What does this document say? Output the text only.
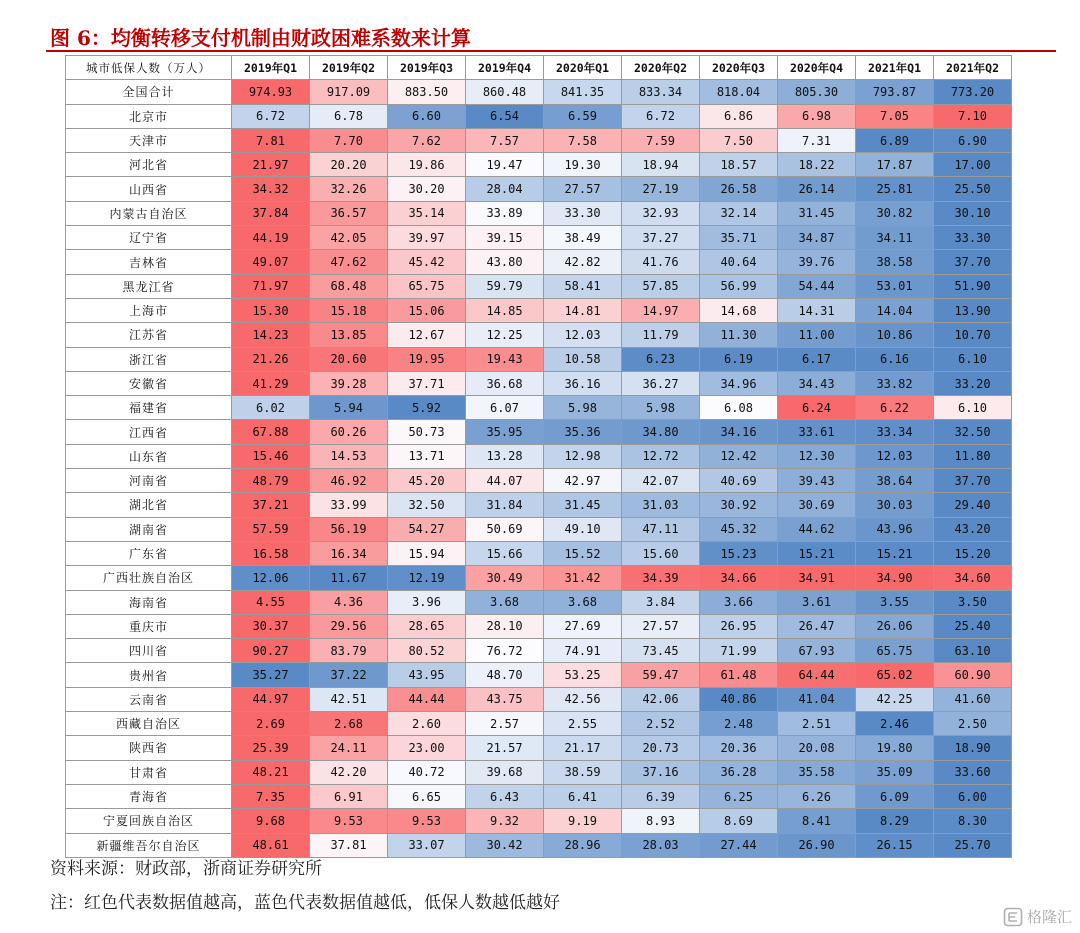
图 6：均衡转移支付机制由财政困难系数来计算
城市低保人数（万人）	2019年Q1	2019年Q2	2019年Q3	2019年Q4	2020年Q1	2020年Q2	2020年Q3	2020年Q4	2021年Q1	2021年Q2
全国合计	974.93	917.09	883.50	860.48	841.35	833.34	818.04	805.30	793.87	773.20
北京市	6.72	6.78	6.60	6.54	6.59	6.72	6.86	6.98	7.05	7.10
天津市	7.81	7.70	7.62	7.57	7.58	7.59	7.50	7.31	6.89	6.90
河北省	21.97	20.20	19.86	19.47	19.30	18.94	18.57	18.22	17.87	17.00
山西省	34.32	32.26	30.20	28.04	27.57	27.19	26.58	26.14	25.81	25.50
内蒙古自治区	37.84	36.57	35.14	33.89	33.30	32.93	32.14	31.45	30.82	30.10
辽宁省	44.19	42.05	39.97	39.15	38.49	37.27	35.71	34.87	34.11	33.30
吉林省	49.07	47.62	45.42	43.80	42.82	41.76	40.64	39.76	38.58	37.70
黑龙江省	71.97	68.48	65.75	59.79	58.41	57.85	56.99	54.44	53.01	51.90
上海市	15.30	15.18	15.06	14.85	14.81	14.97	14.68	14.31	14.04	13.90
江苏省	14.23	13.85	12.67	12.25	12.03	11.79	11.30	11.00	10.86	10.70
浙江省	21.26	20.60	19.95	19.43	10.58	6.23	6.19	6.17	6.16	6.10
安徽省	41.29	39.28	37.71	36.68	36.16	36.27	34.96	34.43	33.82	33.20
福建省	6.02	5.94	5.92	6.07	5.98	5.98	6.08	6.24	6.22	6.10
江西省	67.88	60.26	50.73	35.95	35.36	34.80	34.16	33.61	33.34	32.50
山东省	15.46	14.53	13.71	13.28	12.98	12.72	12.42	12.30	12.03	11.80
河南省	48.79	46.92	45.20	44.07	42.97	42.07	40.69	39.43	38.64	37.70
湖北省	37.21	33.99	32.50	31.84	31.45	31.03	30.92	30.69	30.03	29.40
湖南省	57.59	56.19	54.27	50.69	49.10	47.11	45.32	44.62	43.96	43.20
广东省	16.58	16.34	15.94	15.66	15.52	15.60	15.23	15.21	15.21	15.20
广西壮族自治区	12.06	11.67	12.19	30.49	31.42	34.39	34.66	34.91	34.90	34.60
海南省	4.55	4.36	3.96	3.68	3.68	3.84	3.66	3.61	3.55	3.50
重庆市	30.37	29.56	28.65	28.10	27.69	27.57	26.95	26.47	26.06	25.40
四川省	90.27	83.79	80.52	76.72	74.91	73.45	71.99	67.93	65.75	63.10
贵州省	35.27	37.22	43.95	48.70	53.25	59.47	61.48	64.44	65.02	60.90
云南省	44.97	42.51	44.44	43.75	42.56	42.06	40.86	41.04	42.25	41.60
西藏自治区	2.69	2.68	2.60	2.57	2.55	2.52	2.48	2.51	2.46	2.50
陕西省	25.39	24.11	23.00	21.57	21.17	20.73	20.36	20.08	19.80	18.90
甘肃省	48.21	42.20	40.72	39.68	38.59	37.16	36.28	35.58	35.09	33.60
青海省	7.35	6.91	6.65	6.43	6.41	6.39	6.25	6.26	6.09	6.00
宁夏回族自治区	9.68	9.53	9.53	9.32	9.19	8.93	8.69	8.41	8.29	8.30
新疆维吾尔自治区	48.61	37.81	33.07	30.42	28.96	28.03	27.44	26.90	26.15	25.70
资料来源：财政部，浙商证券研究所
注：红色代表数据值越高，蓝色代表数据值越低，低保人数越低越好
格隆汇
